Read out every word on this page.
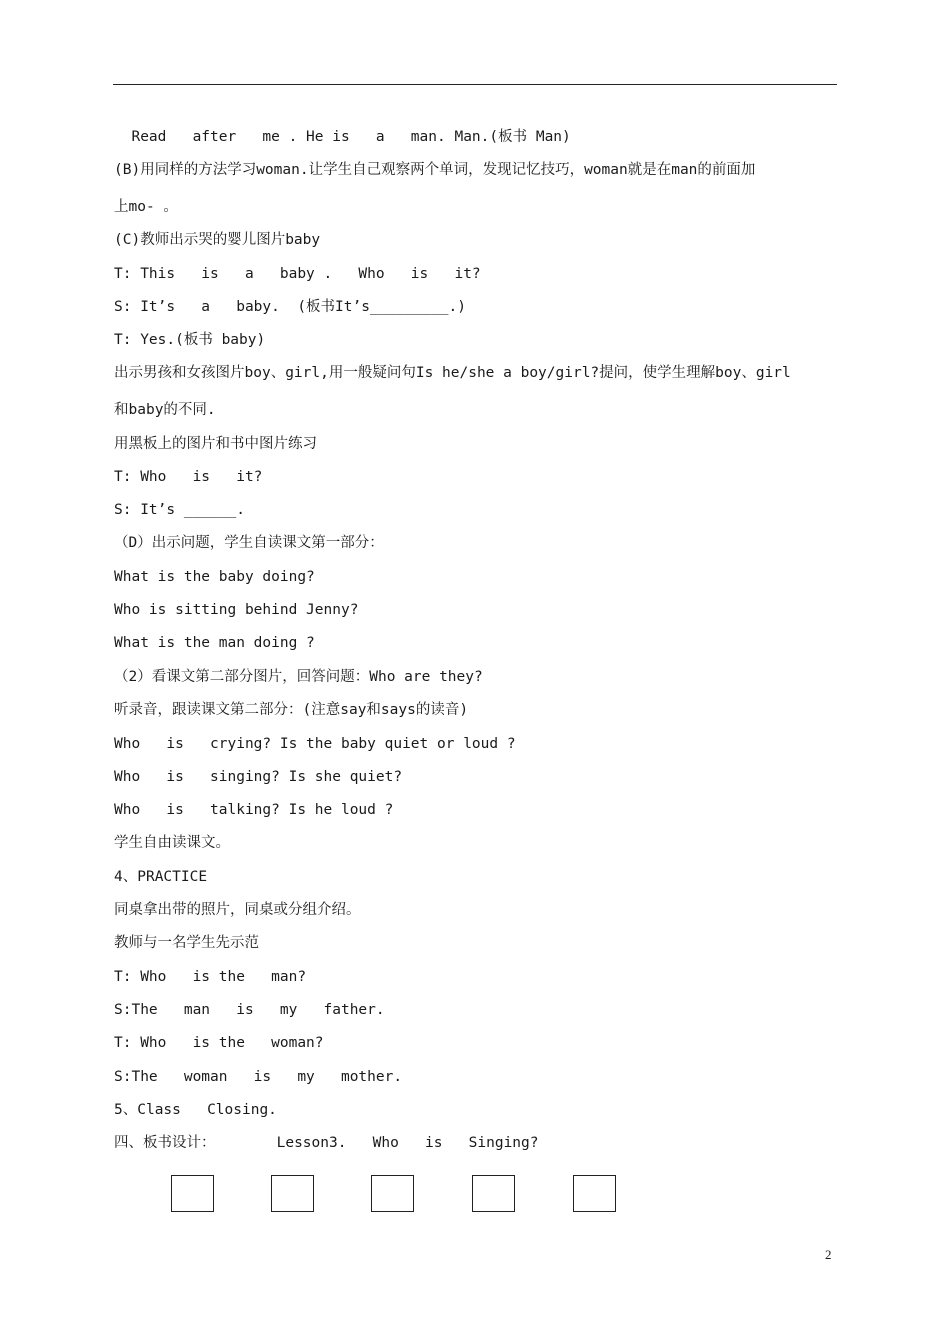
Read   after   me . He is   a   man. Man.(板书 Man)
(B)用同样的方法学习woman.让学生自己观察两个单词，发现记忆技巧，woman就是在man的前面加
上mo- 。
(C)教师出示哭的婴儿图片baby
T: This   is   a   baby .   Who   is   it?
S: It’s   a   baby.  (板书It’s_________.)
T: Yes.(板书 baby)
出示男孩和女孩图片boy、girl,用一般疑问句Is he/she a boy/girl?提问，使学生理解boy、girl
和baby的不同.
用黑板上的图片和书中图片练习
T: Who   is   it?
S: It’s ______.
（D）出示问题，学生自读课文第一部分：
What is the baby doing?
Who is sitting behind Jenny?
What is the man doing ?
（2）看课文第二部分图片，回答问题：Who are they?
听录音，跟读课文第二部分：(注意say和says的读音)
Who   is   crying? Is the baby quiet or loud ?
Who   is   singing? Is she quiet?
Who   is   talking? Is he loud ?
学生自由读课文。
4、PRACTICE
同桌拿出带的照片，同桌或分组介绍。
教师与一名学生先示范
T: Who   is the   man?
S:The   man   is   my   father.
T: Who   is the   woman?
S:The   woman   is   my   mother.
5、Class   Closing.
四、板书设计：       Lesson3.   Who   is   Singing?
2
